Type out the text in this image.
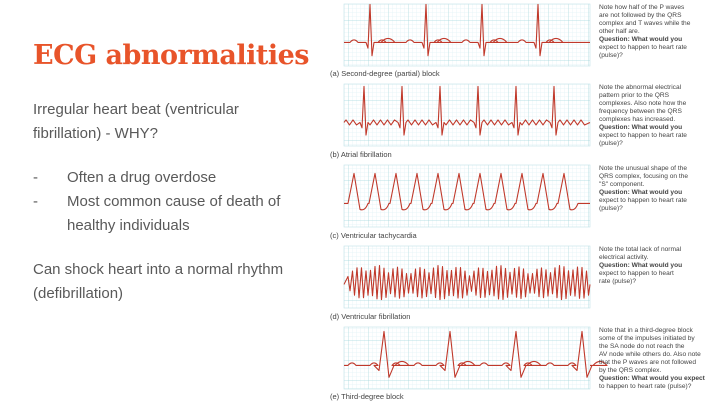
ECG abnormalities
Irregular heart beat (ventricular fibrillation) - WHY?
-	Often a drug overdose
-	Most common cause of death of healthy individuals
Can shock heart into a normal rhythm (defibrillation)
(a) Second-degree (partial) block
Note how half of the P waves
are not followed by the QRS
complex and T waves while the
other half are.
Question: What would you
expect to happen to heart rate
(pulse)?
(b) Atrial fibrillation
Note the abnormal electrical
pattern prior to the QRS
complexes. Also note how the
frequency between the QRS
complexes has increased.
Question: What would you
expect to happen to heart rate
(pulse)?
(c) Ventricular tachycardia
Note the unusual shape of the
QRS complex, focusing on the
"S" component.
Question: What would you
expect to happen to heart rate
(pulse)?
(d) Ventricular fibrillation
Note the total lack of normal
electrical activity.
Question: What would you
expect to happen to heart
rate (pulse)?
(e) Third-degree block
Note that in a third-degree block
some of the impulses initiated by
the SA node do not reach the
AV node while others do. Also note
that the P waves are not followed
by the QRS complex.
Question: What would you expect
to happen to heart rate (pulse)?
